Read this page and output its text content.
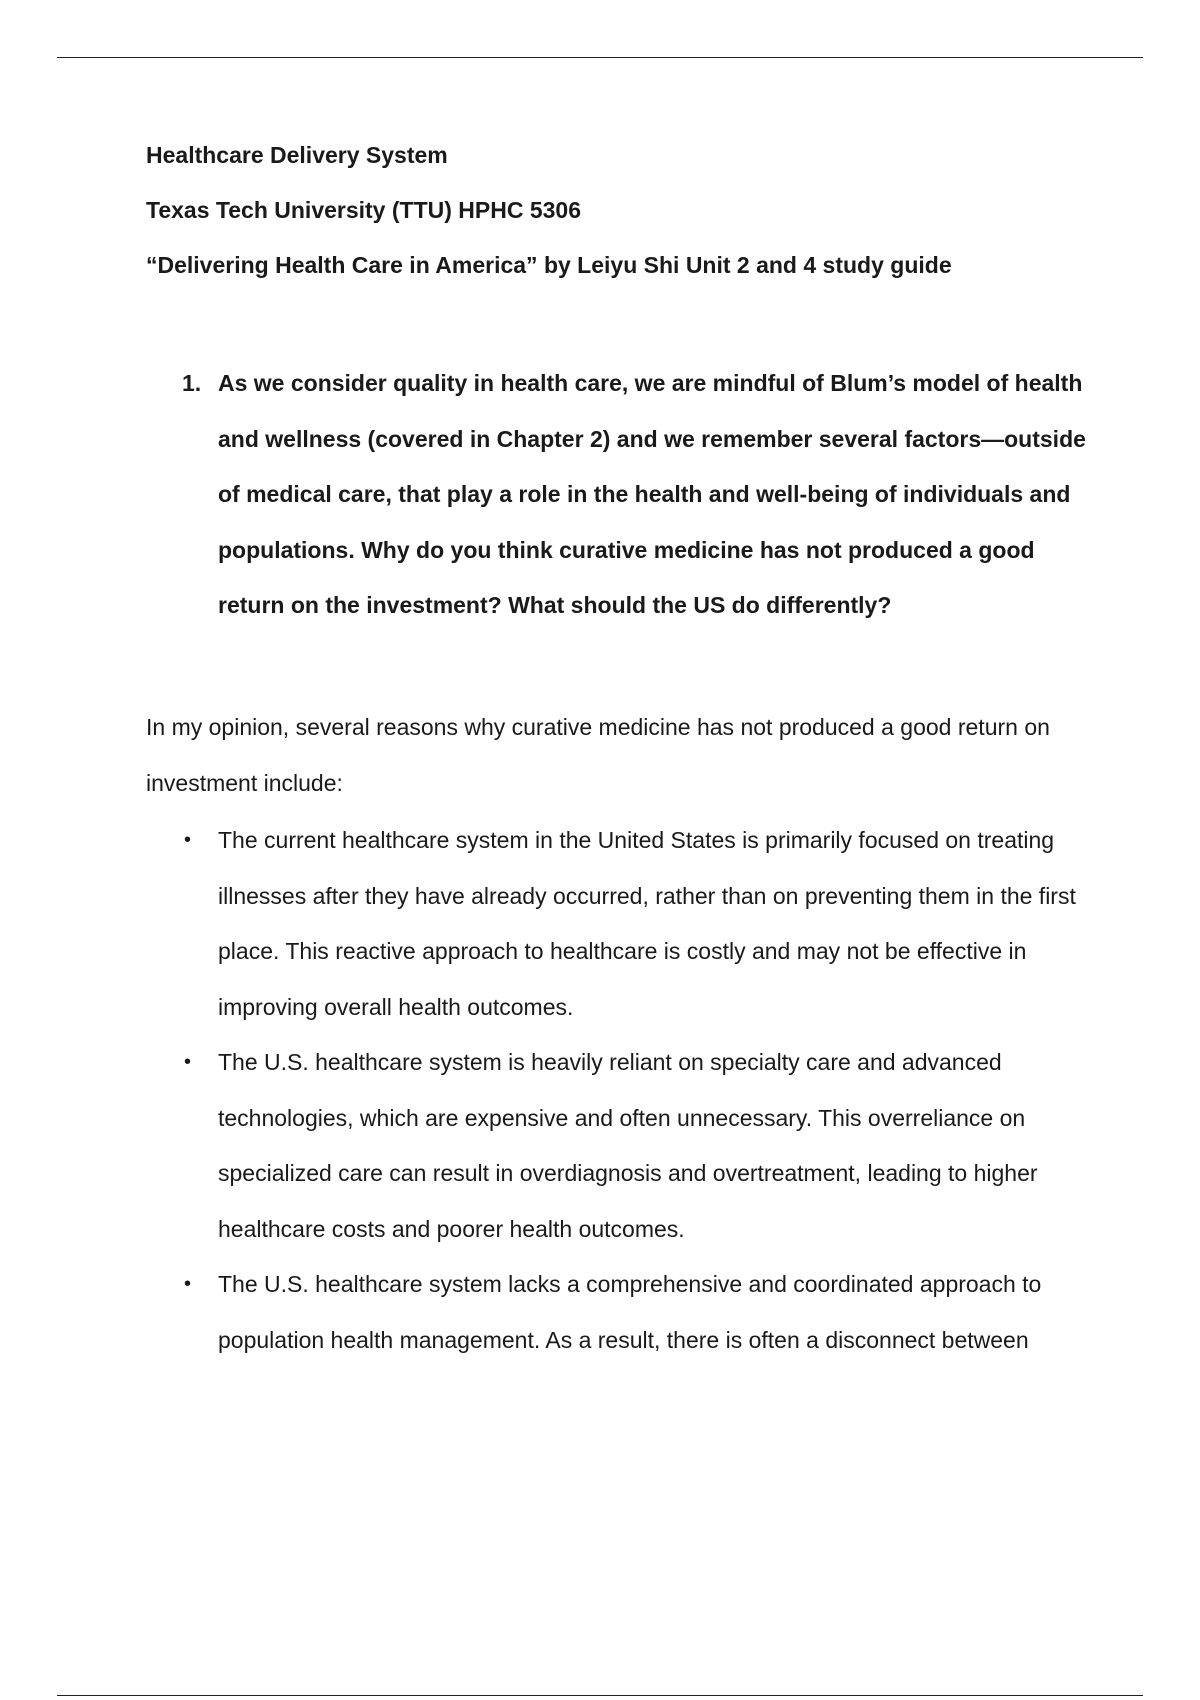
Healthcare Delivery System

Texas Tech University (TTU) HPHC 5306

“Delivering Health Care in America” by Leiyu Shi Unit 2 and 4 study guide

1. As we consider quality in health care, we are mindful of Blum’s model of health and wellness (covered in Chapter 2) and we remember several factors—outside of medical care, that play a role in the health and well-being of individuals and populations. Why do you think curative medicine has not produced a good return on the investment? What should the US do differently?

In my opinion, several reasons why curative medicine has not produced a good return on investment include:

• The current healthcare system in the United States is primarily focused on treating illnesses after they have already occurred, rather than on preventing them in the first place. This reactive approach to healthcare is costly and may not be effective in improving overall health outcomes.
• The U.S. healthcare system is heavily reliant on specialty care and advanced technologies, which are expensive and often unnecessary. This overreliance on specialized care can result in overdiagnosis and overtreatment, leading to higher healthcare costs and poorer health outcomes.
• The U.S. healthcare system lacks a comprehensive and coordinated approach to population health management. As a result, there is often a disconnect between
